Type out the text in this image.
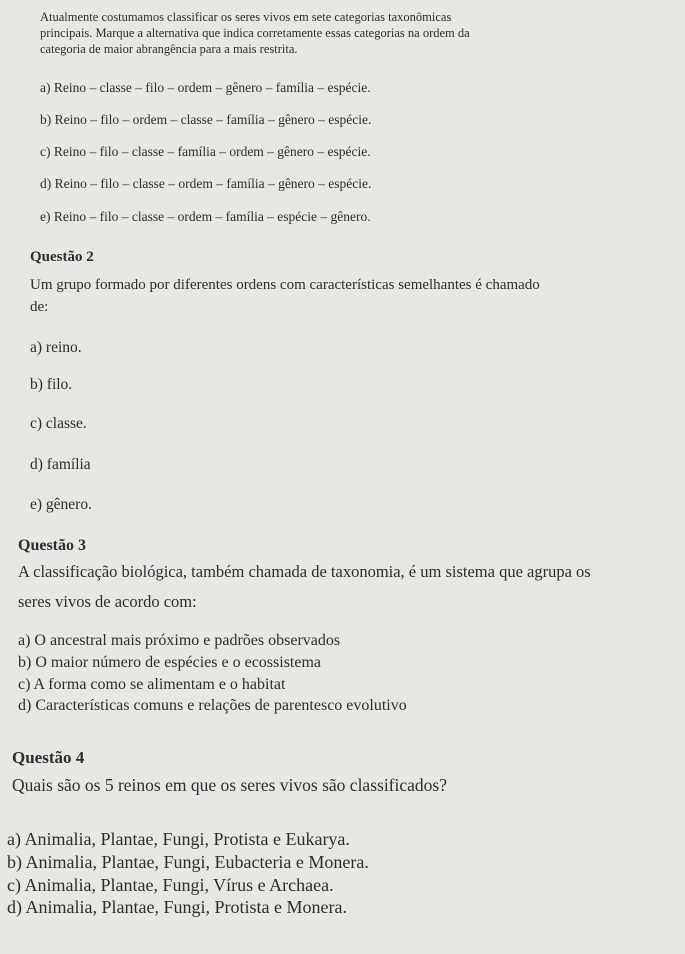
Atualmente costumamos classificar os seres vivos em sete categorias taxonômicas
principais. Marque a alternativa que indica corretamente essas categorias na ordem da
categoria de maior abrangência para a mais restrita.
a) Reino – classe – filo – ordem – gênero – família – espécie.
b) Reino – filo – ordem – classe – família – gênero – espécie.
c) Reino – filo – classe – família – ordem – gênero – espécie.
d) Reino – filo – classe – ordem – família – gênero – espécie.
e) Reino – filo – classe – ordem – família – espécie – gênero.
Questão 2
Um grupo formado por diferentes ordens com características semelhantes é chamado
de:
a) reino.
b) filo.
c) classe.
d) família
e) gênero.
Questão 3
A classificação biológica, também chamada de taxonomia, é um sistema que agrupa os
seres vivos de acordo com:
a) O ancestral mais próximo e padrões observados
b) O maior número de espécies e o ecossistema
c) A forma como se alimentam e o habitat
d) Características comuns e relações de parentesco evolutivo
Questão 4
Quais são os 5 reinos em que os seres vivos são classificados?
a) Animalia, Plantae, Fungi, Protista e Eukarya.
b) Animalia, Plantae, Fungi, Eubacteria e Monera.
c) Animalia, Plantae, Fungi, Vírus e Archaea.
d) Animalia, Plantae, Fungi, Protista e Monera.
